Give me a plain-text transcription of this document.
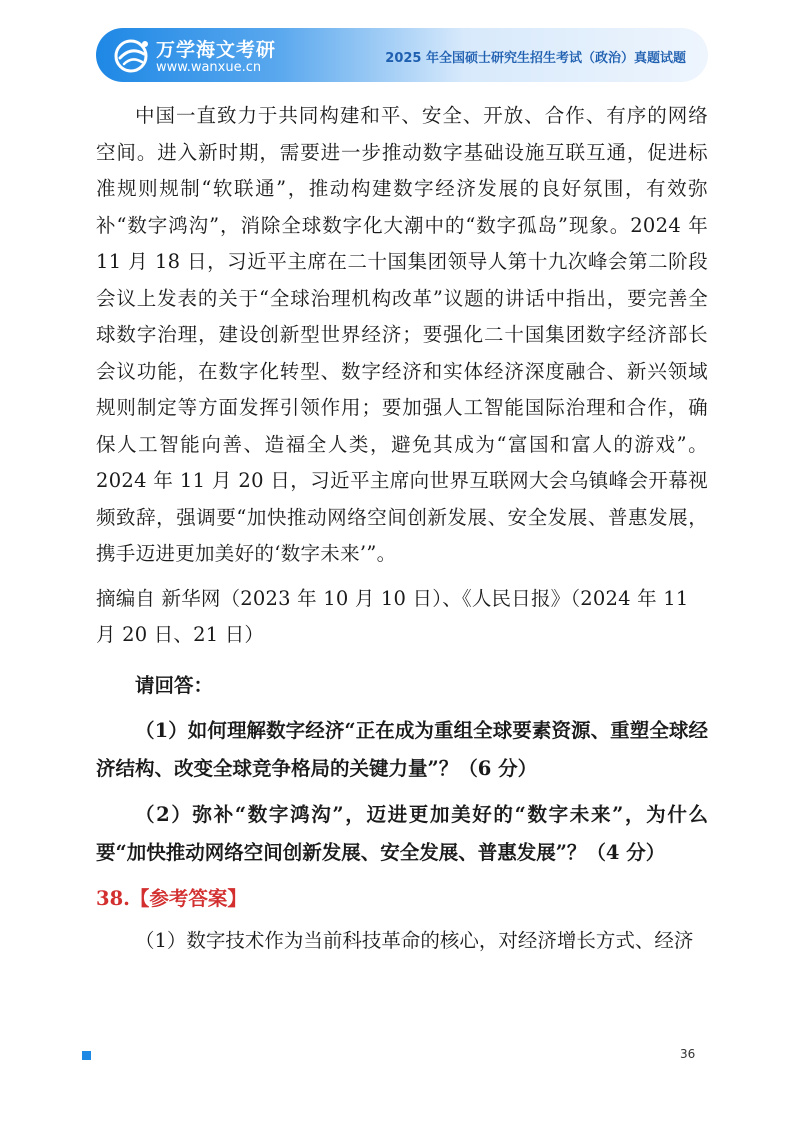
万学海文考研
www.wanxue.cn
2025 年全国硕士研究生招生考试（政治）真题试题

中国一直致力于共同构建和平、安全、开放、合作、有序的网络空间。进入新时期，需要进一步推动数字基础设施互联互通，促进标准规则规制“软联通”，推动构建数字经济发展的良好氛围，有效弥补“数字鸿沟”，消除全球数字化大潮中的“数字孤岛”现象。2024 年 11 月 18 日，习近平主席在二十国集团领导人第十九次峰会第二阶段会议上发表的关于“全球治理机构改革”议题的讲话中指出，要完善全球数字治理，建设创新型世界经济；要强化二十国集团数字经济部长会议功能，在数字化转型、数字经济和实体经济深度融合、新兴领域规则制定等方面发挥引领作用；要加强人工智能国际治理和合作，确保人工智能向善、造福全人类，避免其成为“富国和富人的游戏”。2024 年 11 月 20 日，习近平主席向世界互联网大会乌镇峰会开幕视频致辞，强调要“加快推动网络空间创新发展、安全发展、普惠发展，携手迈进更加美好的‘数字未来’”。

摘编自 新华网（2023 年 10 月 10 日）、《人民日报》（2024 年 11 月 20 日、21 日）

请回答：

（1）如何理解数字经济“正在成为重组全球要素资源、重塑全球经济结构、改变全球竞争格局的关键力量”？（6 分）

（2）弥补“数字鸿沟”，迈进更加美好的“数字未来”，为什么要“加快推动网络空间创新发展、安全发展、普惠发展”？（4 分）

38.【参考答案】

（1）数字技术作为当前科技革命的核心，对经济增长方式、经济

36
